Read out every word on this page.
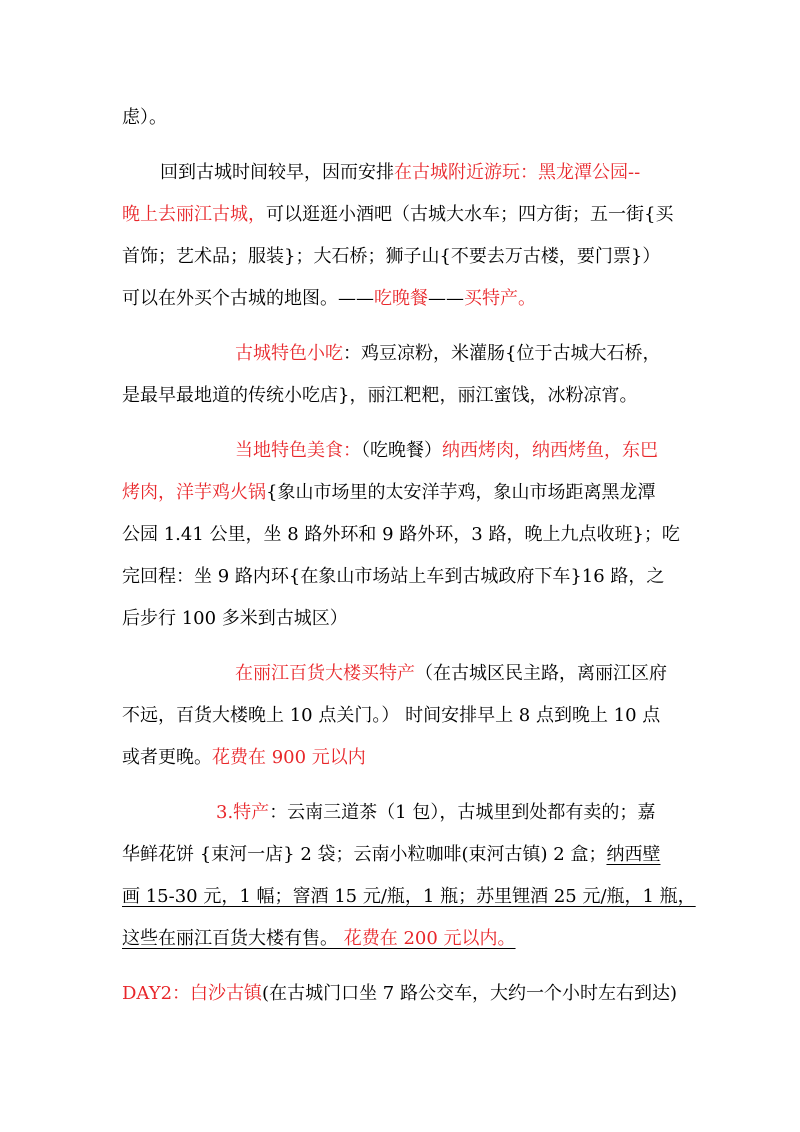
虑）。
回到古城时间较早，因而安排在古城附近游玩：黑龙潭公园--
晚上去丽江古城，可以逛逛小酒吧（古城大水车；四方街；五一街{买
首饰；艺术品；服装}；大石桥；狮子山{不要去万古楼，要门票}）
可以在外买个古城的地图。——吃晚餐——买特产。
古城特色小吃：鸡豆凉粉，米灌肠{位于古城大石桥，
是最早最地道的传统小吃店}，丽江粑粑，丽江蜜饯，冰粉凉宵。
当地特色美食：（吃晚餐）纳西烤肉，纳西烤鱼，东巴
烤肉，洋芋鸡火锅{象山市场里的太安洋芋鸡，象山市场距离黑龙潭
公园 1.41 公里，坐 8 路外环和 9 路外环，3 路，晚上九点收班}；吃
完回程：坐 9 路内环{在象山市场站上车到古城政府下车}16 路，之
后步行 100 多米到古城区）
在丽江百货大楼买特产（在古城区民主路，离丽江区府
不远，百货大楼晚上 10 点关门。） 时间安排早上 8 点到晚上 10 点
或者更晚。花费在 900 元以内
3.特产：云南三道茶（1 包），古城里到处都有卖的；嘉
华鲜花饼 {束河一店} 2 袋；云南小粒咖啡(束河古镇) 2 盒；纳西壁
画 15-30 元，1 幅；窨酒 15 元/瓶，1 瓶；苏里锂酒 25 元/瓶，1 瓶，
这些在丽江百货大楼有售。 花费在 200 元以内。
DAY2：白沙古镇(在古城门口坐 7 路公交车，大约一个小时左右到达)
